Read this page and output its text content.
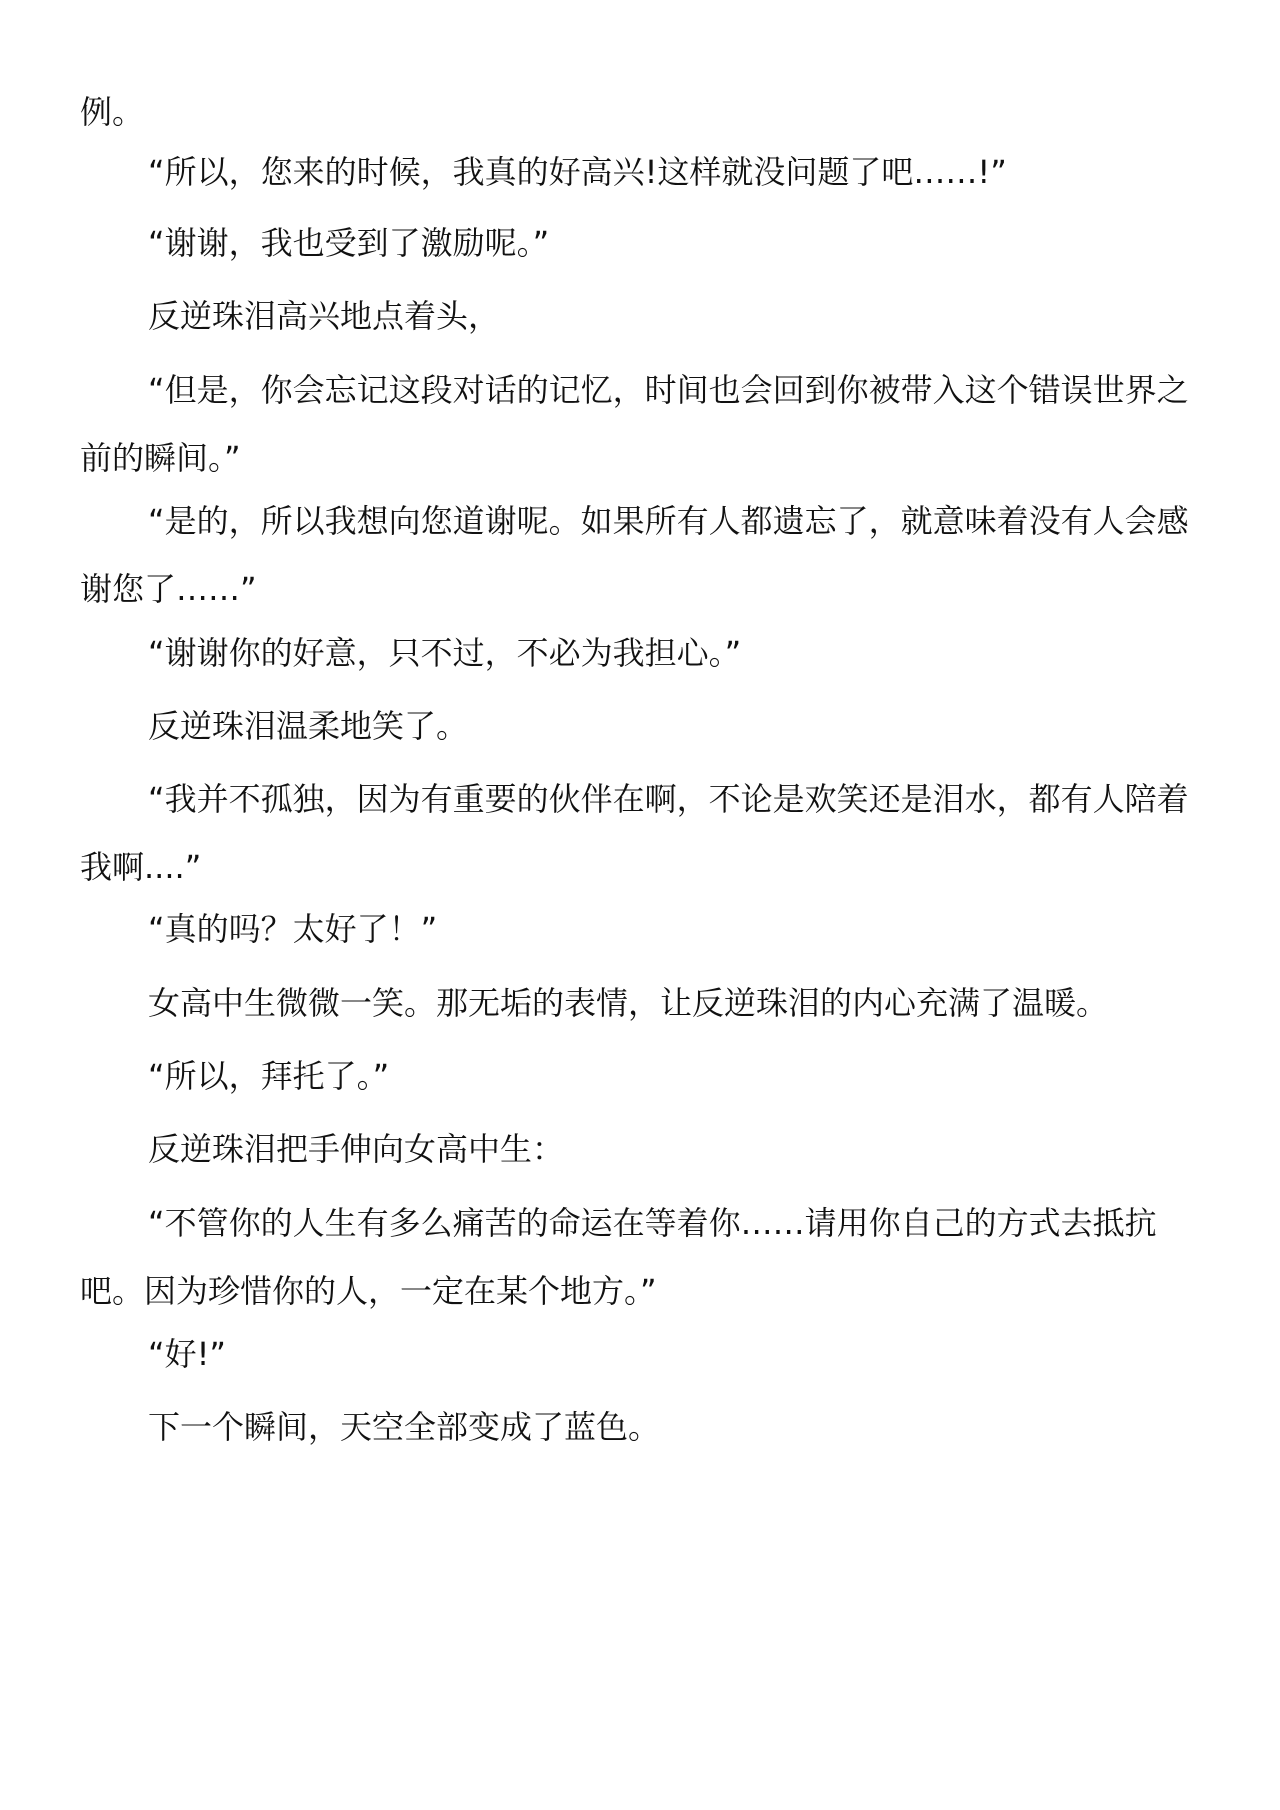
例。

“所以，您来的时候，我真的好高兴!这样就没问题了吧……!”

“谢谢，我也受到了激励呢。”

反逆珠泪高兴地点着头，

“但是，你会忘记这段对话的记忆，时间也会回到你被带入这个错误世界之前的瞬间。”

“是的，所以我想向您道谢呢。如果所有人都遗忘了，就意味着没有人会感谢您了……”

“谢谢你的好意，只不过，不必为我担心。”

反逆珠泪温柔地笑了。

“我并不孤独，因为有重要的伙伴在啊，不论是欢笑还是泪水，都有人陪着我啊....”

“真的吗？太好了！”

女高中生微微一笑。那无垢的表情，让反逆珠泪的内心充满了温暖。

“所以，拜托了。”

反逆珠泪把手伸向女高中生：

“不管你的人生有多么痛苦的命运在等着你……请用你自己的方式去抵抗吧。因为珍惜你的人，一定在某个地方。”

“好!”

下一个瞬间，天空全部变成了蓝色。
